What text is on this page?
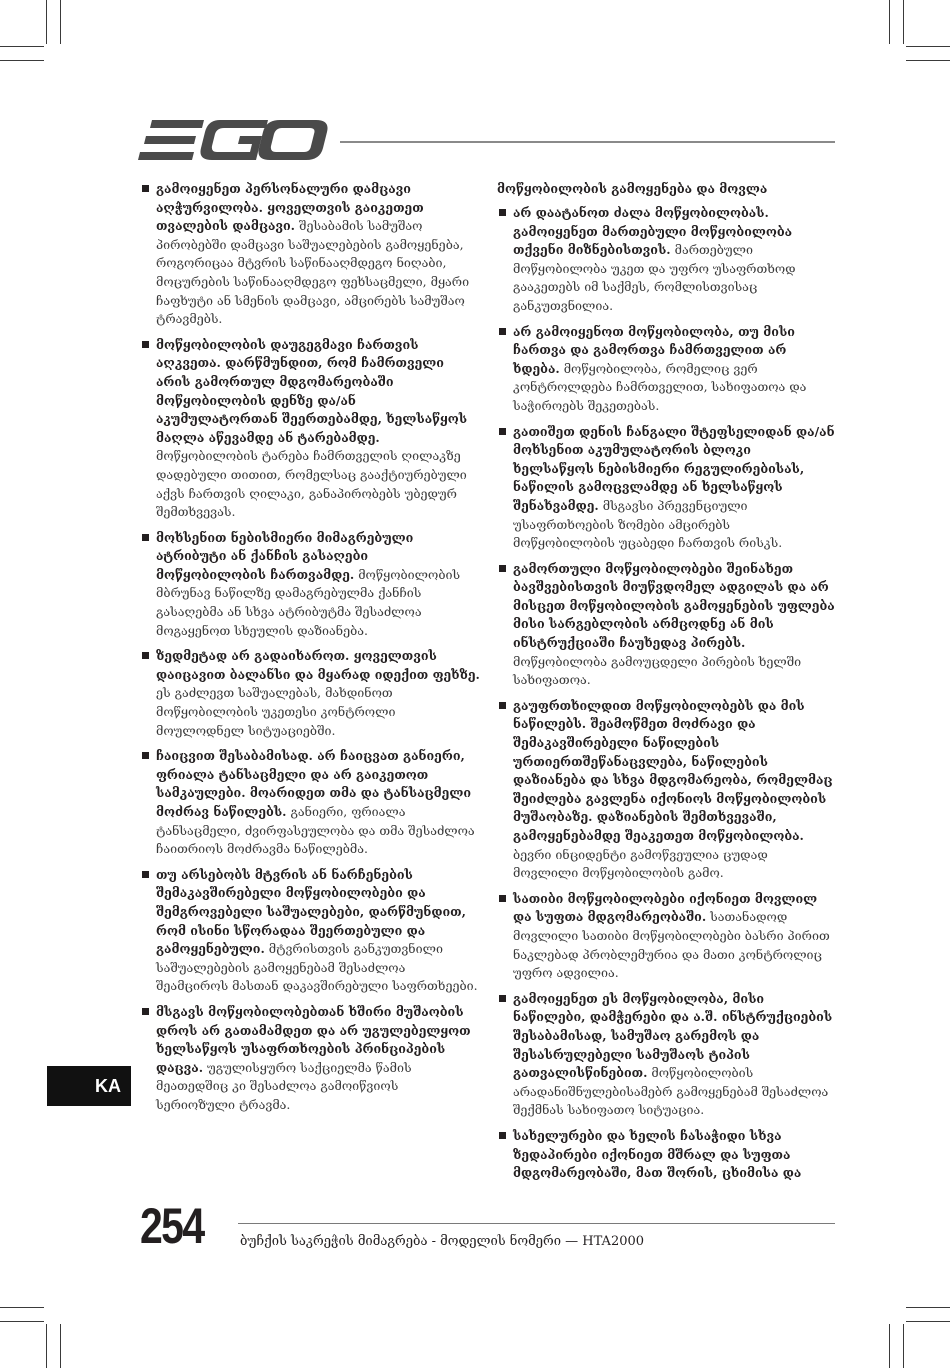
გამოიყენეთ პერსონალური დამცავი აღჭურვილობა. ყოველთვის გაიკეთეთ თვალების დამცავი. შესაბამის სამუშაო პირობებში დამცავი საშუალებების გამოყენება, როგორიცაა მტვრის საწინააღმდეგო ნიღაბი, მოცურების საწინააღმდეგო ფეხსაცმელი, მყარი ჩაფხუტი ან სმენის დამცავი, ამცირებს სამუშაო ტრავმებს.
მოწყობილობის დაუგეგმავი ჩართვის აღკვეთა. დარწმუნდით, რომ ჩამრთველი არის გამორთულ მდგომარეობაში მოწყობილობის დენზე და/ან აკუმულატორთან შეერთებამდე, ხელსაწყოს მაღლა აწევამდე ან ტარებამდე. მოწყობილობის ტარება ჩამრთველის ღილაკზე დადებული თითით, რომელსაც გააქტიურებული აქვს ჩართვის ღილაკი, განაპირობებს უბედურ შემთხვევას.
მოხსენით ნებისმიერი მიმაგრებული ატრიბუტი ან ქანჩის გასაღები მოწყობილობის ჩართვამდე. მოწყობილობის მბრუნავ ნაწილზე დამაგრებულმა ქანჩის გასაღებმა ან სხვა ატრიბუტმა შესაძლოა მოგაყენოთ სხეულის დაზიანება.
ზედმეტად არ გადაიხაროთ. ყოველთვის დაიცავით ბალანსი და მყარად იდექით ფეხზე. ეს გაძლევთ საშუალებას, მახდინოთ მოწყობილობის უკეთესი კონტროლი მოულოდნელ სიტუაციებში.
ჩაიცვით შესაბამისად. არ ჩაიცვათ განიერი, ფრიალა ტანსაცმელი და არ გაიკეთოთ სამკაულები. მოარიდეთ თმა და ტანსაცმელი მოძრავ ნაწილებს. განიერი, ფრიალა ტანსაცმელი, ძვირფასეულობა და თმა შესაძლოა ჩაითრიოს მოძრავმა ნაწილებმა.
თუ არსებობს მტვრის ან ნარჩენების შემაკავშირებელი მოწყობილობები და შემგროვებელი საშუალებები, დარწმუნდით, რომ ისინი სწორადაა შეერთებული და გამოყენებული. მტვრისთვის განკუთვნილი საშუალებების გამოყენებამ შესაძლოა შეამციროს მასთან დაკავშირებული საფრთხეები.
მსგავს მოწყობილობებთან ხშირი მუშაობის დროს არ გათამამდეთ და არ უგულებელყოთ ხელსაწყოს უსაფრთხოების პრინციპების დაცვა. უგულისყურო საქციელმა წამის მეათედშიც კი შესაძლოა გამოიწვიოს სერიოზული ტრავმა.
მოწყობილობის გამოყენება და მოვლა
არ დაატანოთ ძალა მოწყობილობას. გამოიყენეთ მართებული მოწყობილობა თქვენი მიზნებისთვის. მართებული მოწყობილობა უკეთ და უფრო უსაფრთხოდ გააკეთებს იმ საქმეს, რომლისთვისაც განკუთვნილია.
არ გამოიყენოთ მოწყობილობა, თუ მისი ჩართვა და გამორთვა ჩამრთველით არ ხდება. მოწყობილობა, რომელიც ვერ კონტროლდება ჩამრთველით, სახიფათოა და საჭიროებს შეკეთებას.
გათიშეთ დენის ჩანგალი შტეფსელიდან და/ან მოხსენით აკუმულატორის ბლოკი ხელსაწყოს ნებისმიერი რეგულირებისას, ნაწილის გამოცვლამდე ან ხელსაწყოს შენახვამდე. მსგავსი პრევენციული უსაფრთხოების ზომები ამცირებს მოწყობილობის უცაბედი ჩართვის რისკს.
გამორთული მოწყობილობები შეინახეთ ბავშვებისთვის მიუწვდომელ ადგილას და არ მისცეთ მოწყობილობის გამოყენების უფლება მისი სარგებლობის არმცოდნე ან მის ინსტრუქციაში ჩაუხედავ პირებს. მოწყობილობა გამოუცდელი პირების ხელში სახიფათოა.
გაუფრთხილდით მოწყობილობებს და მის ნაწილებს. შეამოწმეთ მოძრავი და შემაკავშირებელი ნაწილების ურთიერთშეწანაცვლება, ნაწილების დაზიანება და სხვა მდგომარეობა, რომელმაც შეიძლება გავლენა იქონიოს მოწყობილობის მუშაობაზე. დაზიანების შემთხვევაში, გამოყენებამდე შეაკეთეთ მოწყობილობა. ბევრი ინციდენტი გამოწვეულია ცუდად მოვლილი მოწყობილობის გამო.
სათიბი მოწყობილობები იქონიეთ მოვლილ და სუფთა მდგომარეობაში. სათანადოდ მოვლილი სათიბი მოწყობილობები ბასრი პირით ნაკლებად პრობლემურია და მათი კონტროლიც უფრო ადვილია.
გამოიყენეთ ეს მოწყობილობა, მისი ნაწილები, დამჭერები და ა.შ. ინსტრუქციების შესაბამისად, სამუშაო გარემოს და შესასრულებელი სამუშაოს ტიპის გათვალისწინებით. მოწყობილობის არადანიშნულებისამებრ გამოყენებამ შესაძლოა შექმნას სახიფათო სიტუაცია.
სახელურები და ხელის ჩასაჭიდი სხვა ზედაპირები იქონიეთ მშრალ და სუფთა მდგომარეობაში, მათ შორის, ცხიმისა და
KA
254	ბუჩქის საკრეჭის მიმაგრება - მოდელის ნომერი — HTA2000
